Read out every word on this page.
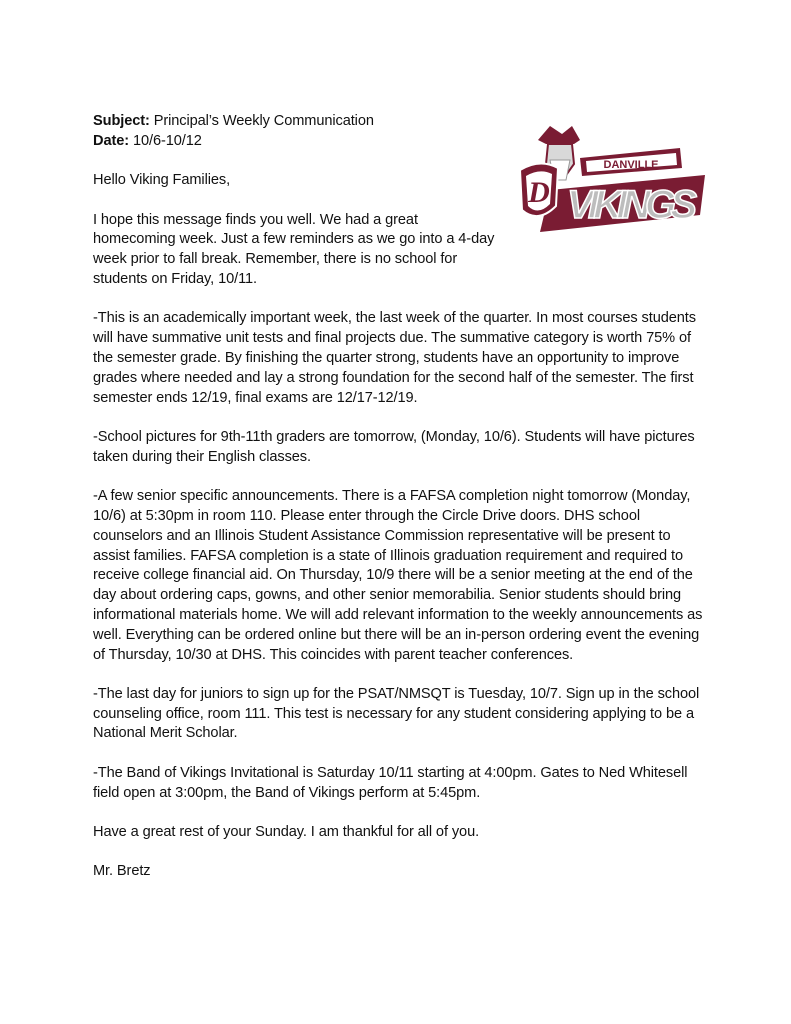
D
DANVILLE
VIKINGS
Subject: Principal’s Weekly Communication
Date: 10/6-10/12

Hello Viking Families,

I hope this message finds you well. We had a great homecoming week. Just a few reminders as we go into a 4-day week prior to fall break. Remember, there is no school for students on Friday, 10/11.

-This is an academically important week, the last week of the quarter. In most courses students will have summative unit tests and final projects due. The summative category is worth 75% of the semester grade. By finishing the quarter strong, students have an opportunity to improve grades where needed and lay a strong foundation for the second half of the semester. The first semester ends 12/19, final exams are 12/17-12/19.

-School pictures for 9th-11th graders are tomorrow, (Monday, 10/6). Students will have pictures taken during their English classes.

-A few senior specific announcements. There is a FAFSA completion night tomorrow (Monday, 10/6) at 5:30pm in room 110. Please enter through the Circle Drive doors. DHS school counselors and an Illinois Student Assistance Commission representative will be present to assist families. FAFSA completion is a state of Illinois graduation requirement and required to receive college financial aid. On Thursday, 10/9 there will be a senior meeting at the end of the day about ordering caps, gowns, and other senior memorabilia. Senior students should bring informational materials home. We will add relevant information to the weekly announcements as well. Everything can be ordered online but there will be an in-person ordering event the evening of Thursday, 10/30 at DHS. This coincides with parent teacher conferences.

-The last day for juniors to sign up for the PSAT/NMSQT is Tuesday, 10/7. Sign up in the school counseling office, room 111. This test is necessary for any student considering applying to be a National Merit Scholar.

-The Band of Vikings Invitational is Saturday 10/11 starting at 4:00pm. Gates to Ned Whitesell field open at 3:00pm, the Band of Vikings perform at 5:45pm.

Have a great rest of your Sunday. I am thankful for all of you.

Mr. Bretz
